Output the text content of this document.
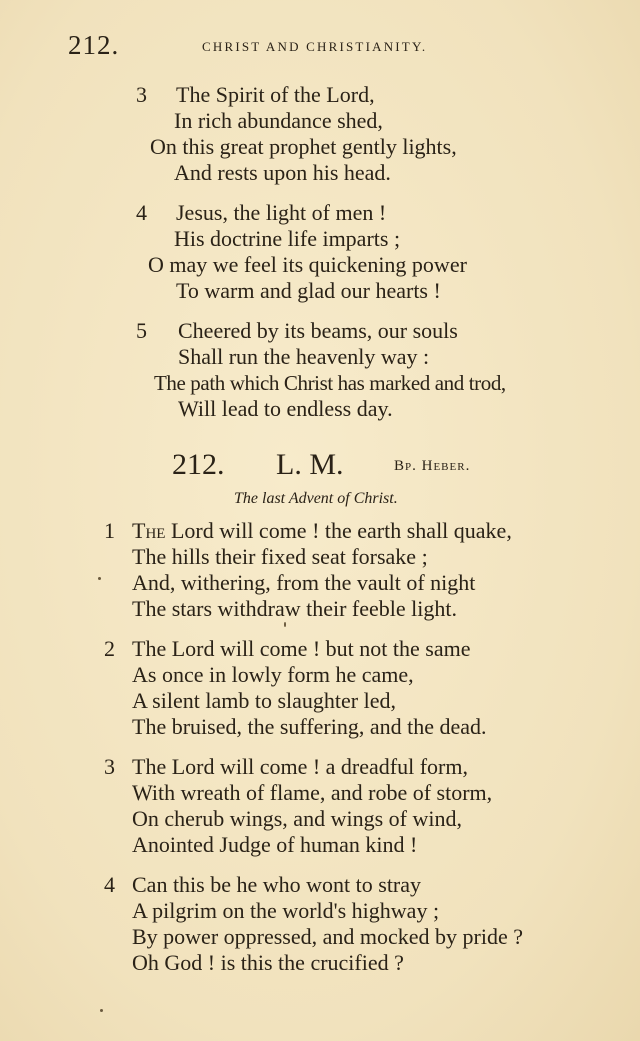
212.	CHRIST AND CHRISTIANITY.
3 The Spirit of the Lord,
In rich abundance shed,
On this great prophet gently lights,
And rests upon his head.
4 Jesus, the light of men !
His doctrine life imparts ;
O may we feel its quickening power
To warm and glad our hearts !
5 Cheered by its beams, our souls
Shall run the heavenly way :
The path which Christ has marked and trod,
Will lead to endless day.
212. L. M.	Bp. Heber.
The last Advent of Christ.
1 The Lord will come ! the earth shall quake,
The hills their fixed seat forsake ;
And, withering, from the vault of night
The stars withdraw their feeble light.
2 The Lord will come ! but not the same
As once in lowly form he came,
A silent lamb to slaughter led,
The bruised, the suffering, and the dead.
3 The Lord will come ! a dreadful form,
With wreath of flame, and robe of storm,
On cherub wings, and wings of wind,
Anointed Judge of human kind !
4 Can this be he who wont to stray
A pilgrim on the world's highway ;
By power oppressed, and mocked by pride ?
Oh God ! is this the crucified ?
